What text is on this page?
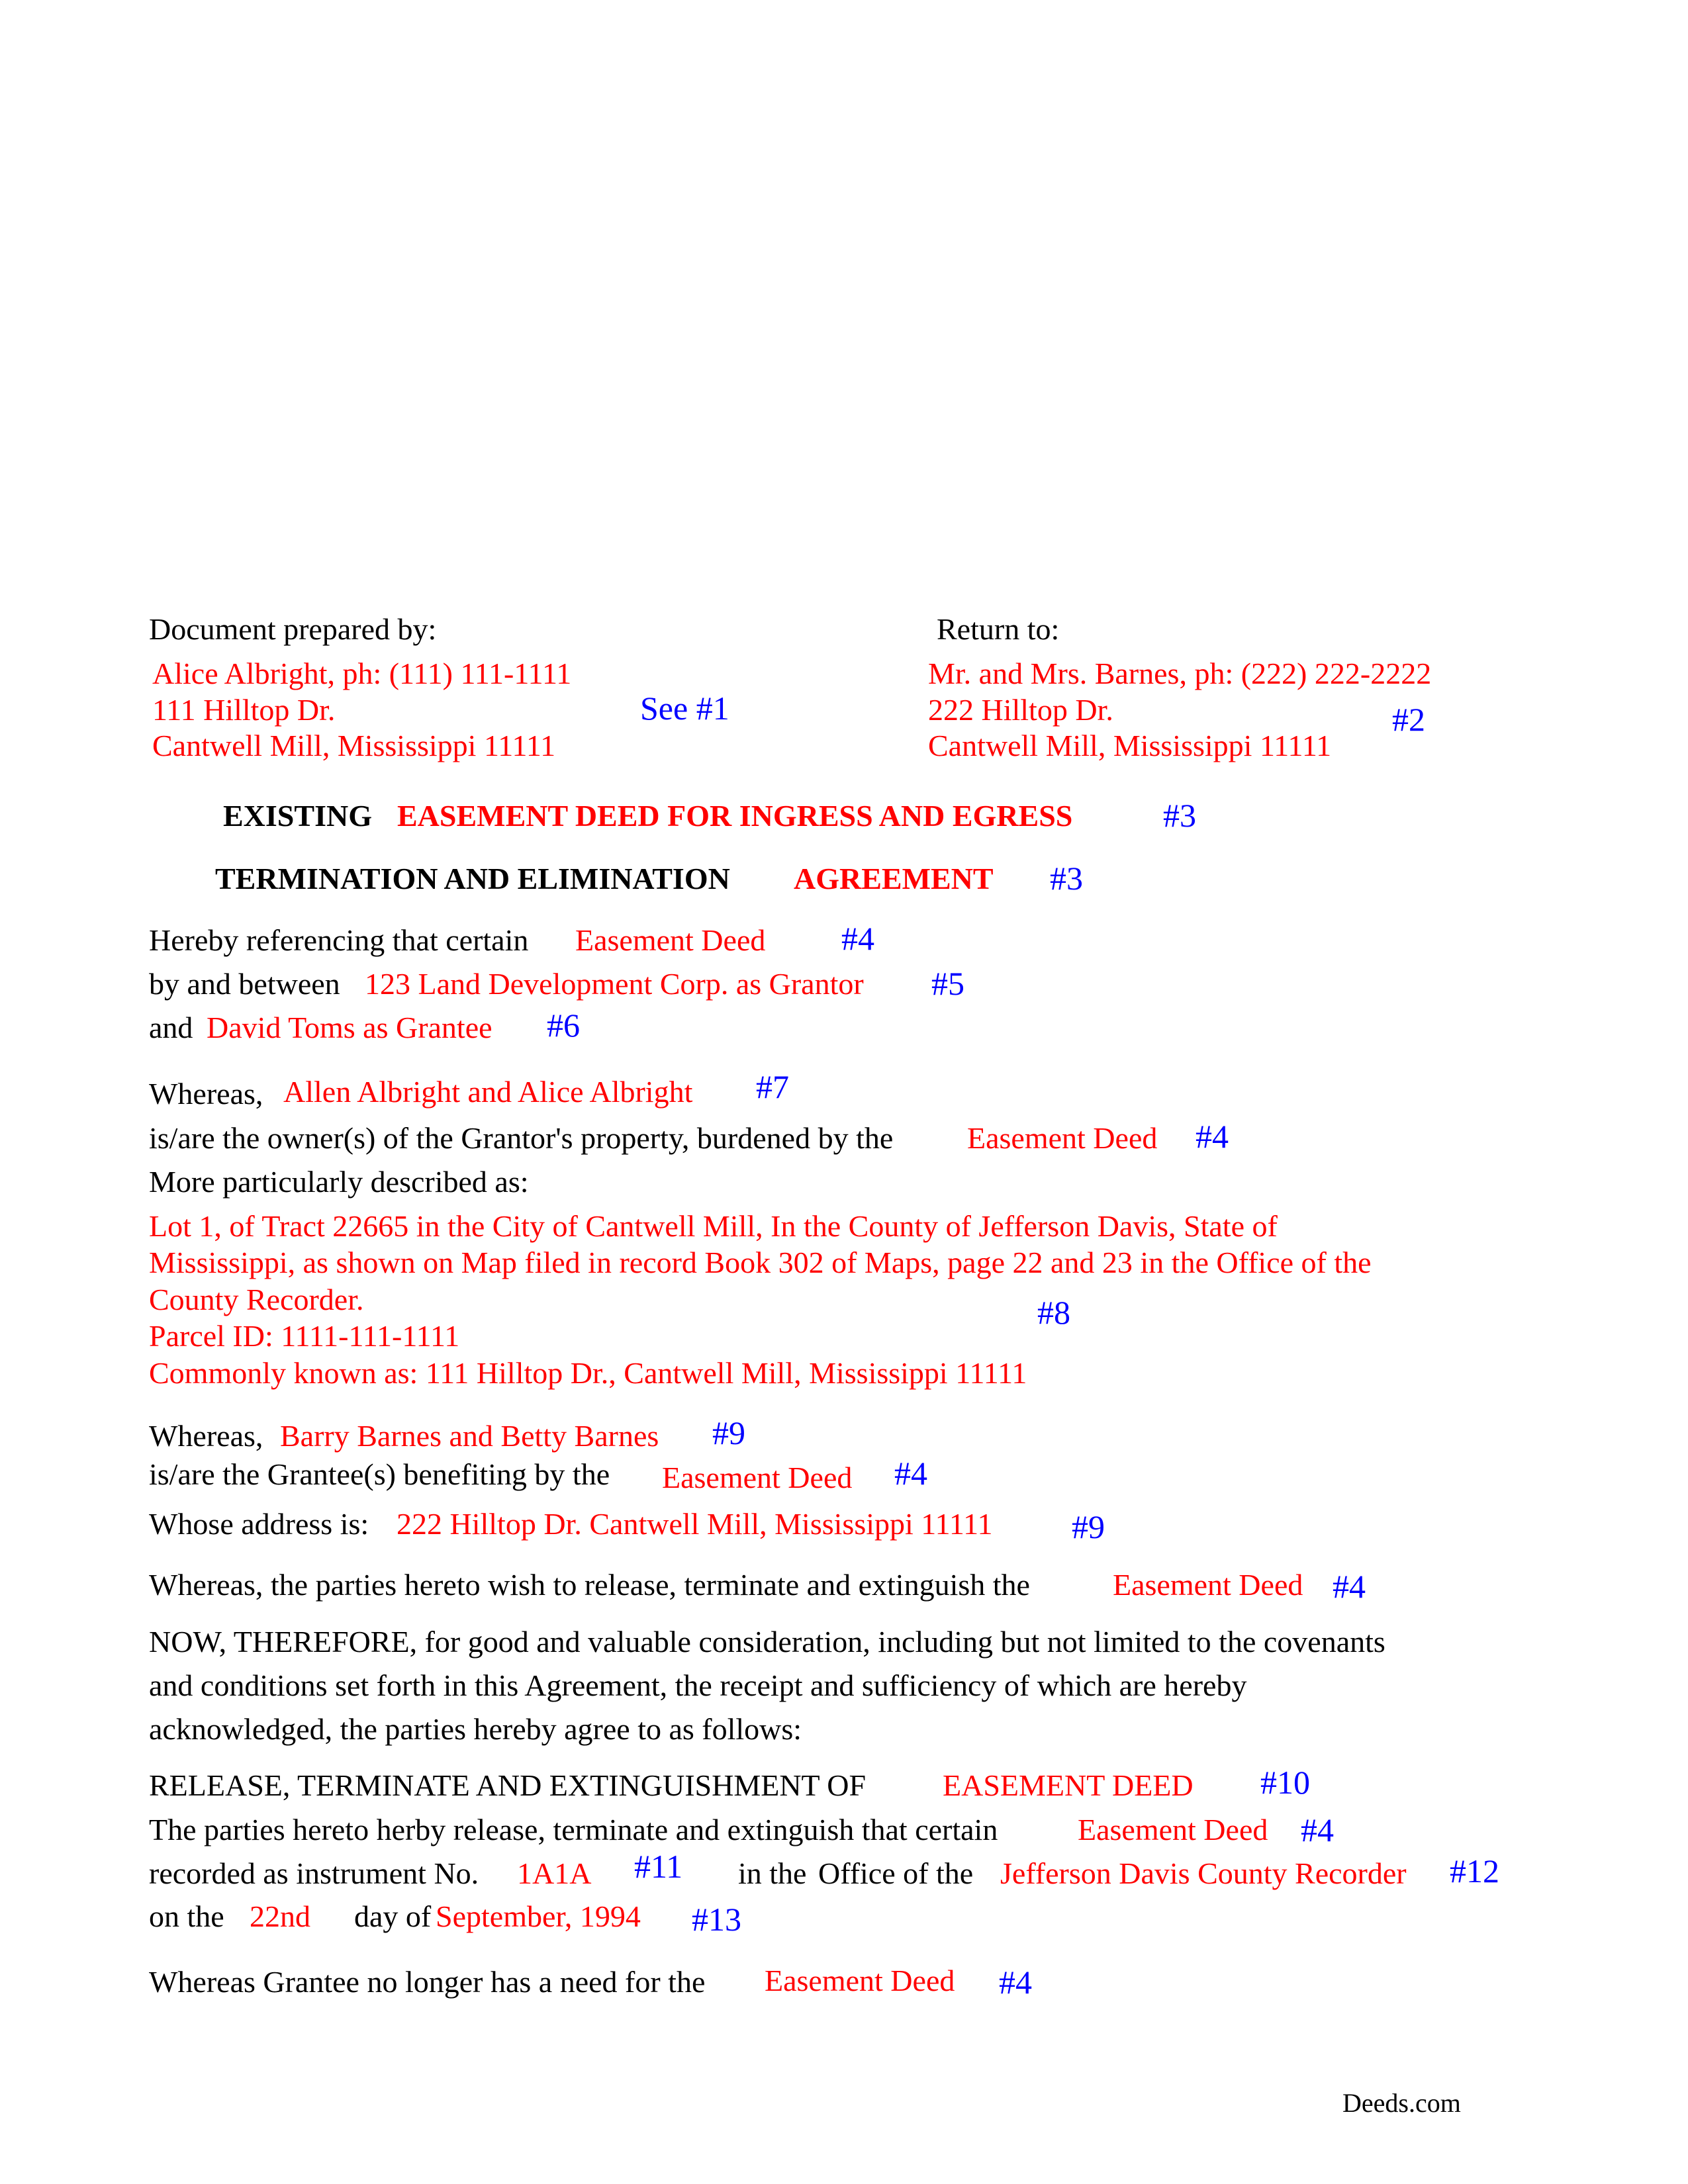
Document prepared by:
Alice Albright, ph: (111) 111-1111
111 Hilltop Dr.
Cantwell Mill, Mississippi 11111
See #1
Return to:
Mr. and Mrs. Barnes, ph: (222) 222-2222
222 Hilltop Dr.
Cantwell Mill, Mississippi 11111
#2
EXISTING EASEMENT DEED FOR INGRESS AND EGRESS	#3
TERMINATION AND ELIMINATION AGREEMENT #3
Hereby referencing that certain Easement Deed #4
by and between 123 Land Development Corp. as Grantor #5
and David Toms as Grantee #6
Whereas, Allen Albright and Alice Albright #7
is/are the owner(s) of the Grantor's property, burdened by the Easement Deed #4
More particularly described as:
Lot 1, of Tract 22665 in the City of Cantwell Mill, In the County of Jefferson Davis, State of
Mississippi, as shown on Map filed in record Book 302 of Maps, page 22 and 23 in the Office of the
County Recorder.
Parcel ID: 1111-111-1111
Commonly known as: 111 Hilltop Dr., Cantwell Mill, Mississippi 11111
#8
Whereas, Barry Barnes and Betty Barnes #9
is/are the Grantee(s) benefiting by the Easement Deed #4
Whose address is: 222 Hilltop Dr. Cantwell Mill, Mississippi 11111 #9
Whereas, the parties hereto wish to release, terminate and extinguish the	Easement Deed #4
NOW, THEREFORE, for good and valuable consideration, including but not limited to the covenants
and conditions set forth in this Agreement, the receipt and sufficiency of which are hereby
acknowledged, the parties hereby agree to as follows:
RELEASE, TERMINATE AND EXTINGUISHMENT OF	EASEMENT DEED #10
The parties hereto herby release, terminate and extinguish that certain	Easement Deed #4
recorded as instrument No. 1A1A #11 in the Office of the Jefferson Davis County Recorder #12
on the 22nd day of September, 1994 #13
Whereas Grantee no longer has a need for the Easement Deed #4
Deeds.com
